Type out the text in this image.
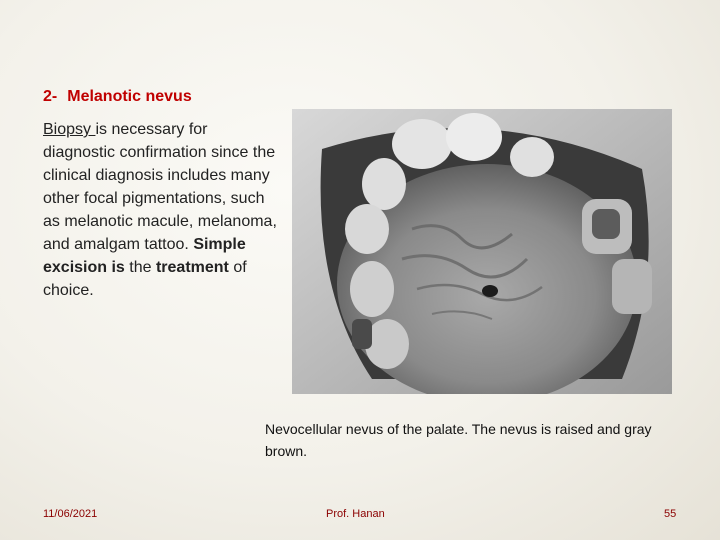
2- Melanotic nevus
Biopsy is necessary for diagnostic confirmation since the clinical diagnosis includes many other focal pigmentations, such as melanotic macule, melanoma, and amalgam tattoo. Simple excision is the treatment of choice.
Nevocellular nevus of the palate. The nevus is raised and gray brown.
11/06/2021	Prof. Hanan	55
